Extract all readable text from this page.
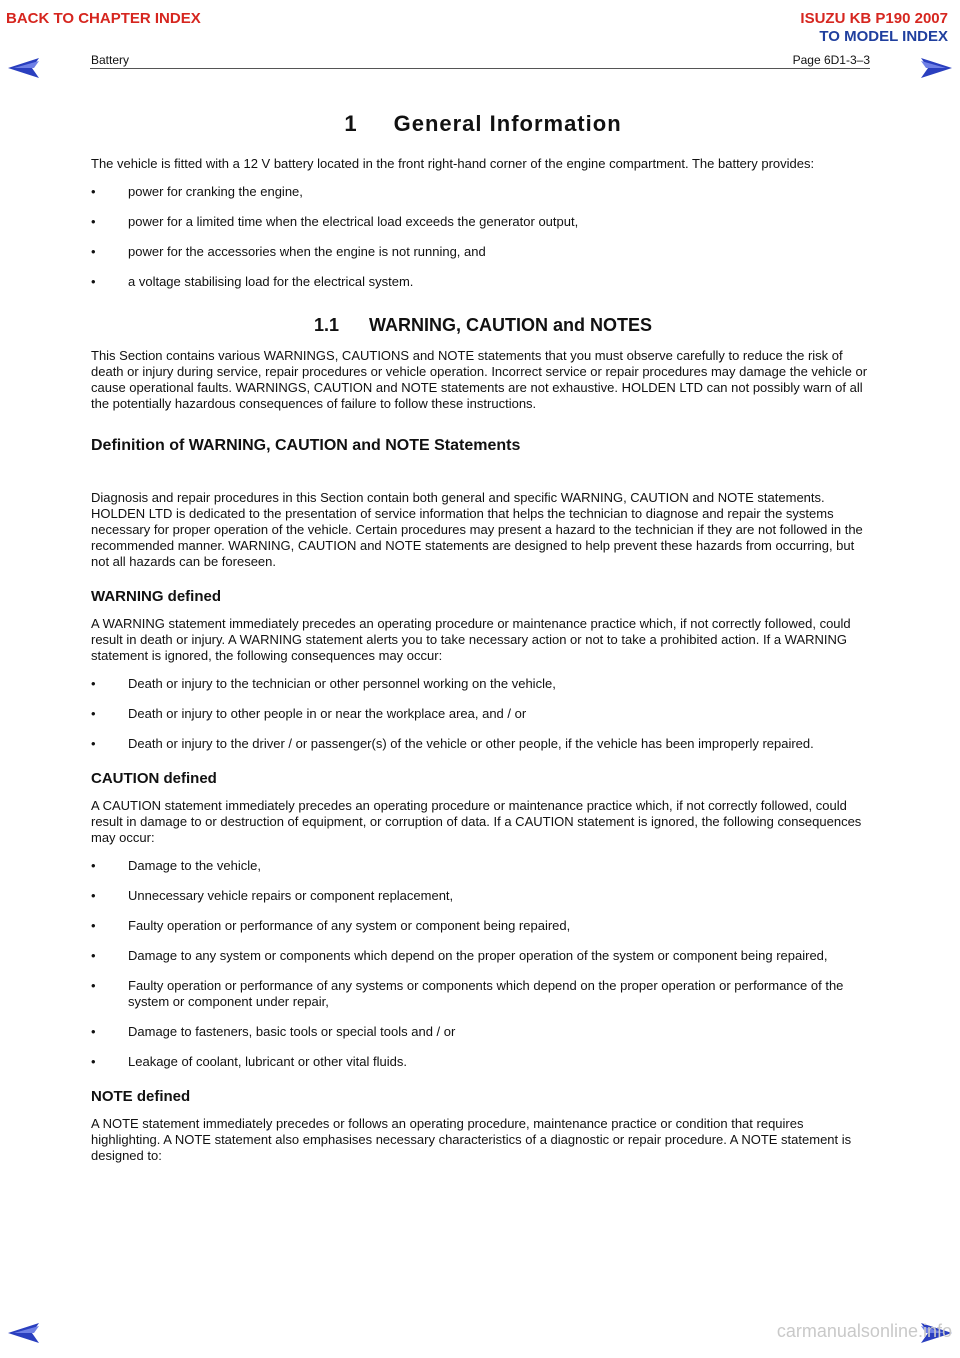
BACK TO CHAPTER INDEX	ISUZU KB P190 2007
TO MODEL INDEX
Battery	Page 6D1-3–3
1 General Information

The vehicle is fitted with a 12 V battery located in the front right-hand corner of the engine compartment. The battery provides:

• power for cranking the engine,
• power for a limited time when the electrical load exceeds the generator output,
• power for the accessories when the engine is not running, and
• a voltage stabilising load for the electrical system.
1.1 WARNING, CAUTION and NOTES

This Section contains various WARNINGS, CAUTIONS and NOTE statements that you must observe carefully to reduce the risk of death or injury during service, repair procedures or vehicle operation. Incorrect service or repair procedures may damage the vehicle or cause operational faults. WARNINGS, CAUTION and NOTE statements are not exhaustive. HOLDEN LTD can not possibly warn of all the potentially hazardous consequences of failure to follow these instructions.

Definition of WARNING, CAUTION and NOTE Statements

Diagnosis and repair procedures in this Section contain both general and specific WARNING, CAUTION and NOTE statements. HOLDEN LTD is dedicated to the presentation of service information that helps the technician to diagnose and repair the systems necessary for proper operation of the vehicle. Certain procedures may present a hazard to the technician if they are not followed in the recommended manner. WARNING, CAUTION and NOTE statements are designed to help prevent these hazards from occurring, but not all hazards can be foreseen.

WARNING defined

A WARNING statement immediately precedes an operating procedure or maintenance practice which, if not correctly followed, could result in death or injury. A WARNING statement alerts you to take necessary action or not to take a prohibited action. If a WARNING statement is ignored, the following consequences may occur:

• Death or injury to the technician or other personnel working on the vehicle,
• Death or injury to other people in or near the workplace area, and / or
• Death or injury to the driver / or passenger(s) of the vehicle or other people, if the vehicle has been improperly repaired.
CAUTION defined

A CAUTION statement immediately precedes an operating procedure or maintenance practice which, if not correctly followed, could result in damage to or destruction of equipment, or corruption of data. If a CAUTION statement is ignored, the following consequences may occur:

• Damage to the vehicle,
• Unnecessary vehicle repairs or component replacement,
• Faulty operation or performance of any system or component being repaired,
• Damage to any system or components which depend on the proper operation of the system or component being repaired,
• Faulty operation or performance of any systems or components which depend on the proper operation or performance of the system or component under repair,
• Damage to fasteners, basic tools or special tools and / or
• Leakage of coolant, lubricant or other vital fluids.
NOTE defined

A NOTE statement immediately precedes or follows an operating procedure, maintenance practice or condition that requires highlighting. A NOTE statement also emphasises necessary characteristics of a diagnostic or repair procedure. A NOTE statement is designed to:

carmanualsonline.info
